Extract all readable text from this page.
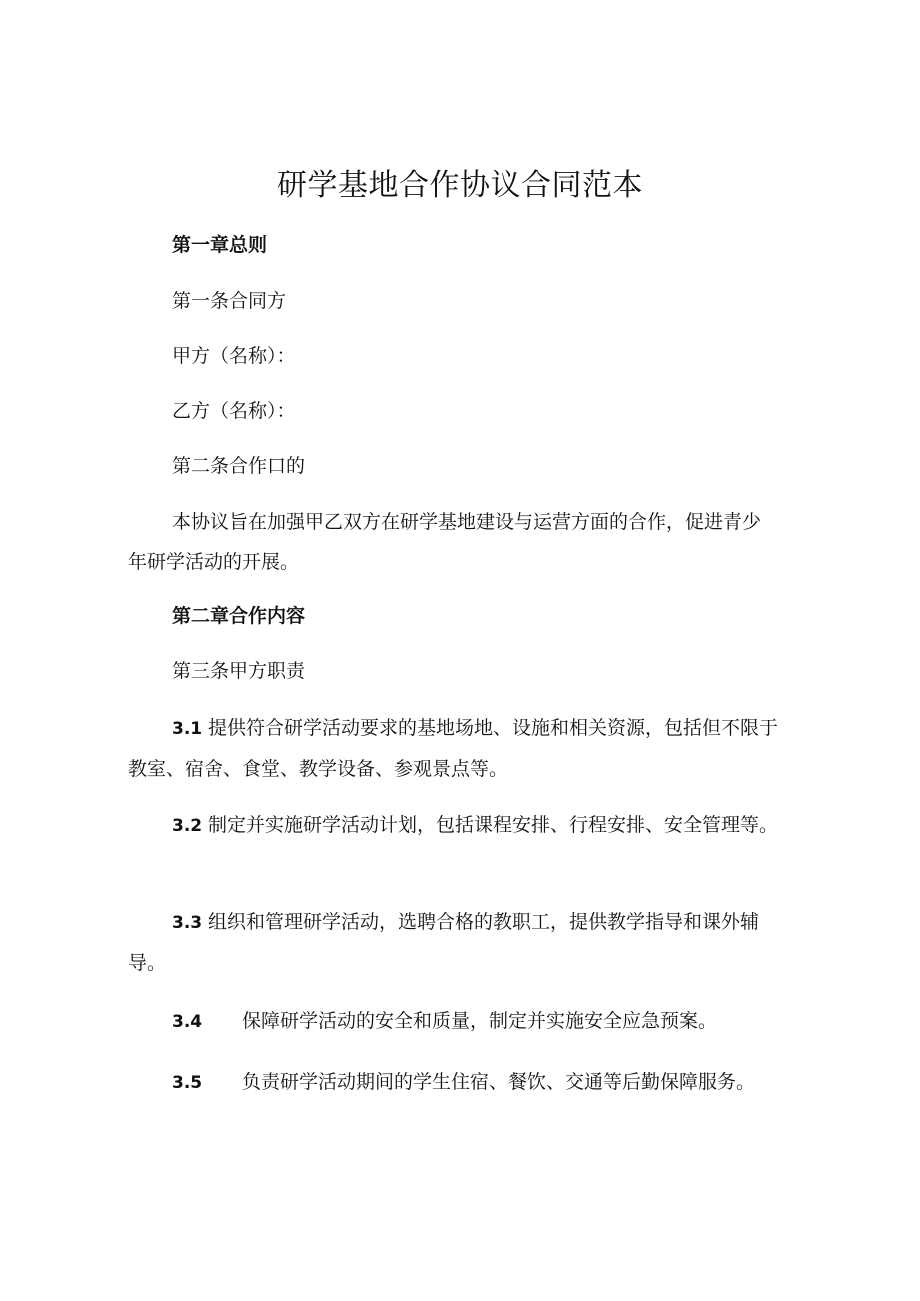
研学基地合作协议合同范本
第一章总则
第一条合同方
甲方（名称）：
乙方（名称）：
第二条合作口的
本协议旨在加强甲乙双方在研学基地建设与运营方面的合作，促进青少年研学活动的开展。
第二章合作内容
第三条甲方职责
3.1 提供符合研学活动要求的基地场地、设施和相关资源，包括但不限于教室、宿舍、食堂、教学设备、参观景点等。
3.2 制定并实施研学活动计划，包括课程安排、行程安排、安全管理等。
3.3 组织和管理研学活动，选聘合格的教职工，提供教学指导和课外辅导。
3.4 保障研学活动的安全和质量，制定并实施安全应急预案。
3.5 负责研学活动期间的学生住宿、餐饮、交通等后勤保障服务。
